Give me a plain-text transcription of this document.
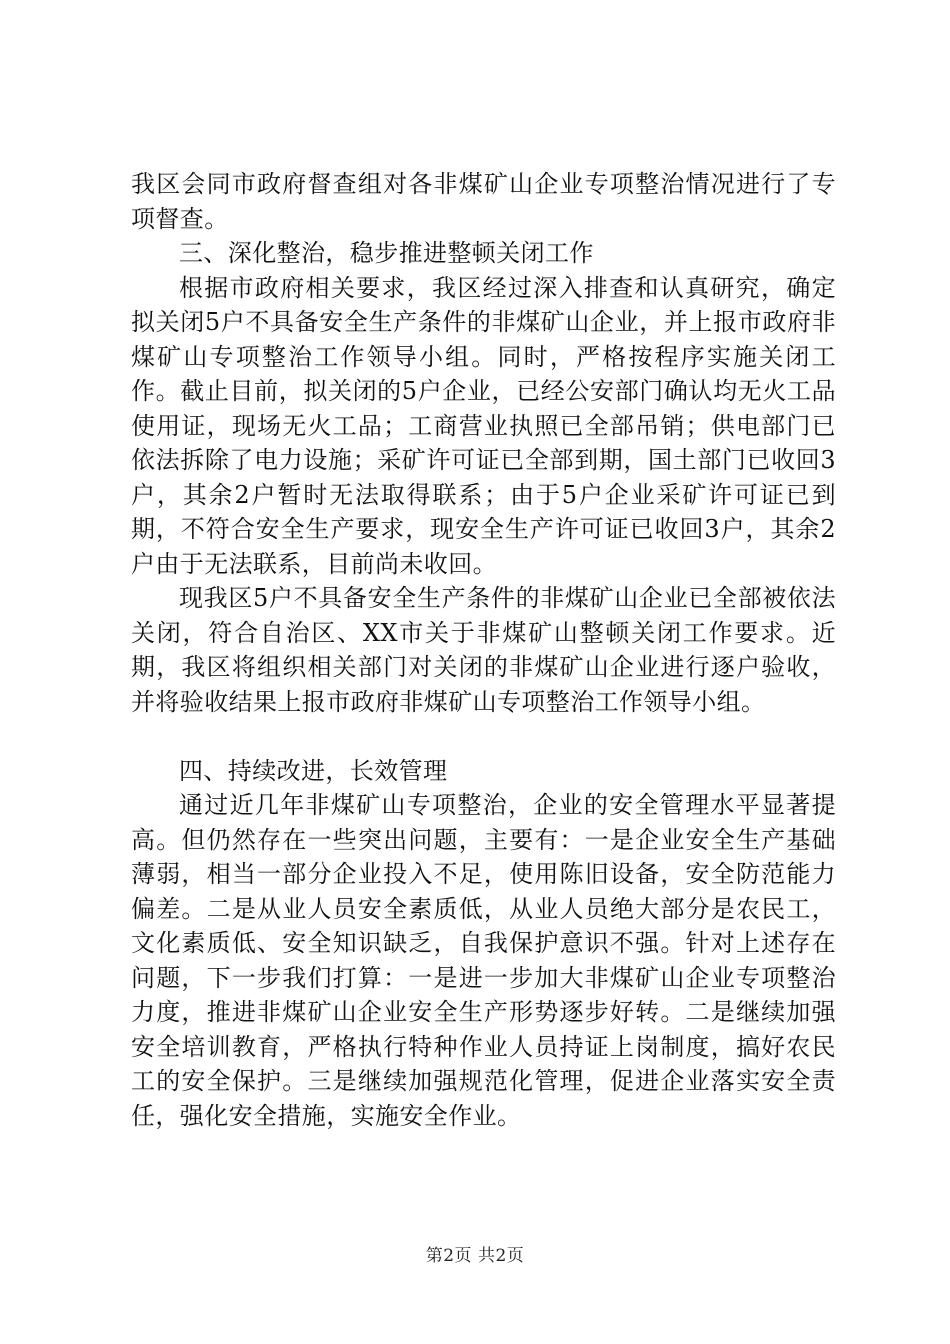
我区会同市政府督查组对各非煤矿山企业专项整治情况进行了专项督查。

三、深化整治，稳步推进整顿关闭工作

根据市政府相关要求，我区经过深入排查和认真研究，确定拟关闭5户不具备安全生产条件的非煤矿山企业，并上报市政府非煤矿山专项整治工作领导小组。同时，严格按程序实施关闭工作。截止目前，拟关闭的5户企业，已经公安部门确认均无火工品使用证，现场无火工品；工商营业执照已全部吊销；供电部门已依法拆除了电力设施；采矿许可证已全部到期，国土部门已收回3户，其余2户暂时无法取得联系；由于5户企业采矿许可证已到期，不符合安全生产要求，现安全生产许可证已收回3户，其余2户由于无法联系，目前尚未收回。

现我区5户不具备安全生产条件的非煤矿山企业已全部被依法关闭，符合自治区、XX市关于非煤矿山整顿关闭工作要求。近期，我区将组织相关部门对关闭的非煤矿山企业进行逐户验收，并将验收结果上报市政府非煤矿山专项整治工作领导小组。

四、持续改进，长效管理

通过近几年非煤矿山专项整治，企业的安全管理水平显著提高。但仍然存在一些突出问题，主要有：一是企业安全生产基础薄弱，相当一部分企业投入不足，使用陈旧设备，安全防范能力偏差。二是从业人员安全素质低，从业人员绝大部分是农民工，文化素质低、安全知识缺乏，自我保护意识不强。针对上述存在问题，下一步我们打算：一是进一步加大非煤矿山企业专项整治力度，推进非煤矿山企业安全生产形势逐步好转。二是继续加强安全培训教育，严格执行特种作业人员持证上岗制度，搞好农民工的安全保护。三是继续加强规范化管理，促进企业落实安全责任，强化安全措施，实施安全作业。

第2页 共2页
